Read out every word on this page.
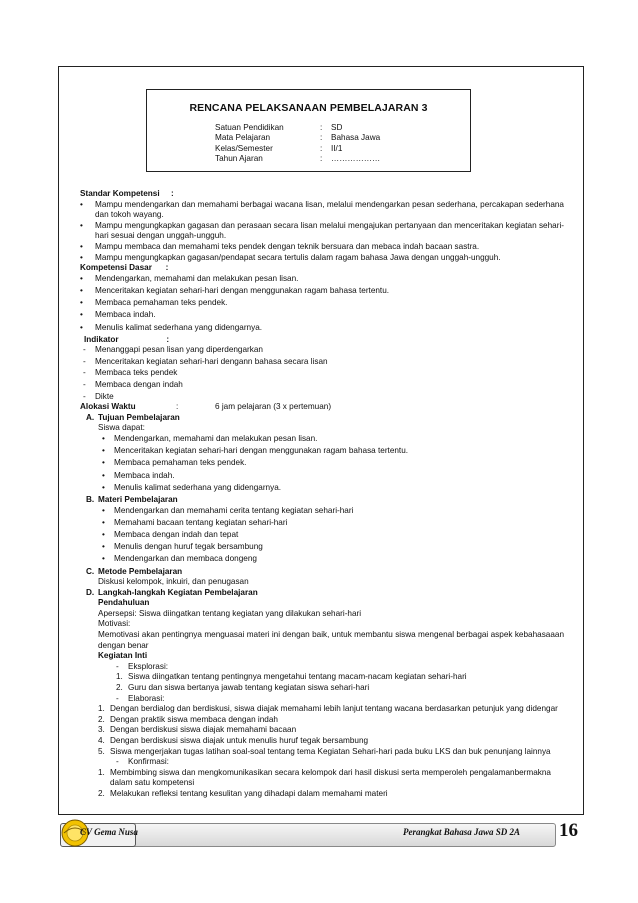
RENCANA PELAKSANAAN PEMBELAJARAN 3
Satuan Pendidikan	: SD
Mata Pelajaran	: Bahasa Jawa
Kelas/Semester	: II/1
Tahun Ajaran	: ………………
Standar Kompetensi :
• Mampu mendengarkan dan memahami berbagai wacana lisan, melalui mendengarkan pesan sederhana, percakapan sederhana dan tokoh wayang.
• Mampu mengungkapkan gagasan dan perasaan secara lisan melalui mengajukan pertanyaan dan menceritakan kegiatan sehari-hari sesuai dengan unggah-ungguh.
• Mampu membaca dan memahami teks pendek dengan teknik bersuara dan mebaca indah bacaan sastra.
• Mampu mengungkapkan gagasan/pendapat secara tertulis dalam ragam bahasa Jawa dengan unggah-ungguh.
Kompetensi Dasar :
• Mendengarkan, memahami dan melakukan pesan lisan.
• Menceritakan kegiatan sehari-hari dengan menggunakan ragam bahasa tertentu.
• Membaca pemahaman teks pendek.
• Membaca indah.
• Menulis kalimat sederhana yang didengarnya.
Indikator	:
- Menanggapi pesan lisan yang diperdengarkan
- Menceritakan kegiatan sehari-hari dengann bahasa secara lisan
- Membaca teks pendek
- Membaca dengan indah
- Dikte
Alokasi Waktu	:	6 jam pelajaran (3 x pertemuan)
A. Tujuan Pembelajaran
Siswa dapat:
• Mendengarkan, memahami dan melakukan pesan lisan.
• Menceritakan kegiatan sehari-hari dengan menggunakan ragam bahasa tertentu.
• Membaca pemahaman teks pendek.
• Membaca indah.
• Menulis kalimat sederhana yang didengarnya.
B. Materi Pembelajaran
• Mendengarkan dan memahami cerita tentang kegiatan sehari-hari
• Memahami bacaan tentang kegiatan sehari-hari
• Membaca dengan indah dan tepat
• Menulis dengan huruf tegak bersambung
• Mendengarkan dan membaca dongeng
C. Metode Pembelajaran
Diskusi kelompok, inkuiri, dan penugasan
D. Langkah-langkah Kegiatan Pembelajaran
Pendahuluan
Apersepsi: Siswa diingatkan tentang kegiatan yang dilakukan sehari-hari
Motivasi:
Memotivasi akan pentingnya menguasai materi ini dengan baik, untuk membantu siswa mengenal berbagai aspek kebahasaaan dengan benar
Kegiatan Inti
- Eksplorasi:
1. Siswa diingatkan tentang pentingnya mengetahui tentang macam-nacam kegiatan sehari-hari
2. Guru dan siswa bertanya jawab tentang kegiatan siswa sehari-hari
- Elaborasi:
1. Dengan berdialog dan berdiskusi, siswa diajak memahami lebih lanjut tentang wacana berdasarkan petunjuk yang didengar
2. Dengan praktik siswa membaca dengan indah
3. Dengan berdiskusi siswa diajak memahami bacaan
4. Dengan berdiskusi siswa diajak untuk menulis huruf tegak bersambung
5. Siswa mengerjakan tugas latihan soal-soal tentang tema Kegiatan Sehari-hari pada buku LKS dan buk penunjang lainnya
- Konfirmasi:
1. Membimbing siswa dan mengkomunikasikan secara kelompok dari hasil diskusi serta memperoleh pengalamanbermakna dalam satu kompetensi
2. Melakukan refleksi tentang kesulitan yang dihadapi dalam memahami materi
CV Gema Nusa	Perangkat Bahasa Jawa SD 2A 16
